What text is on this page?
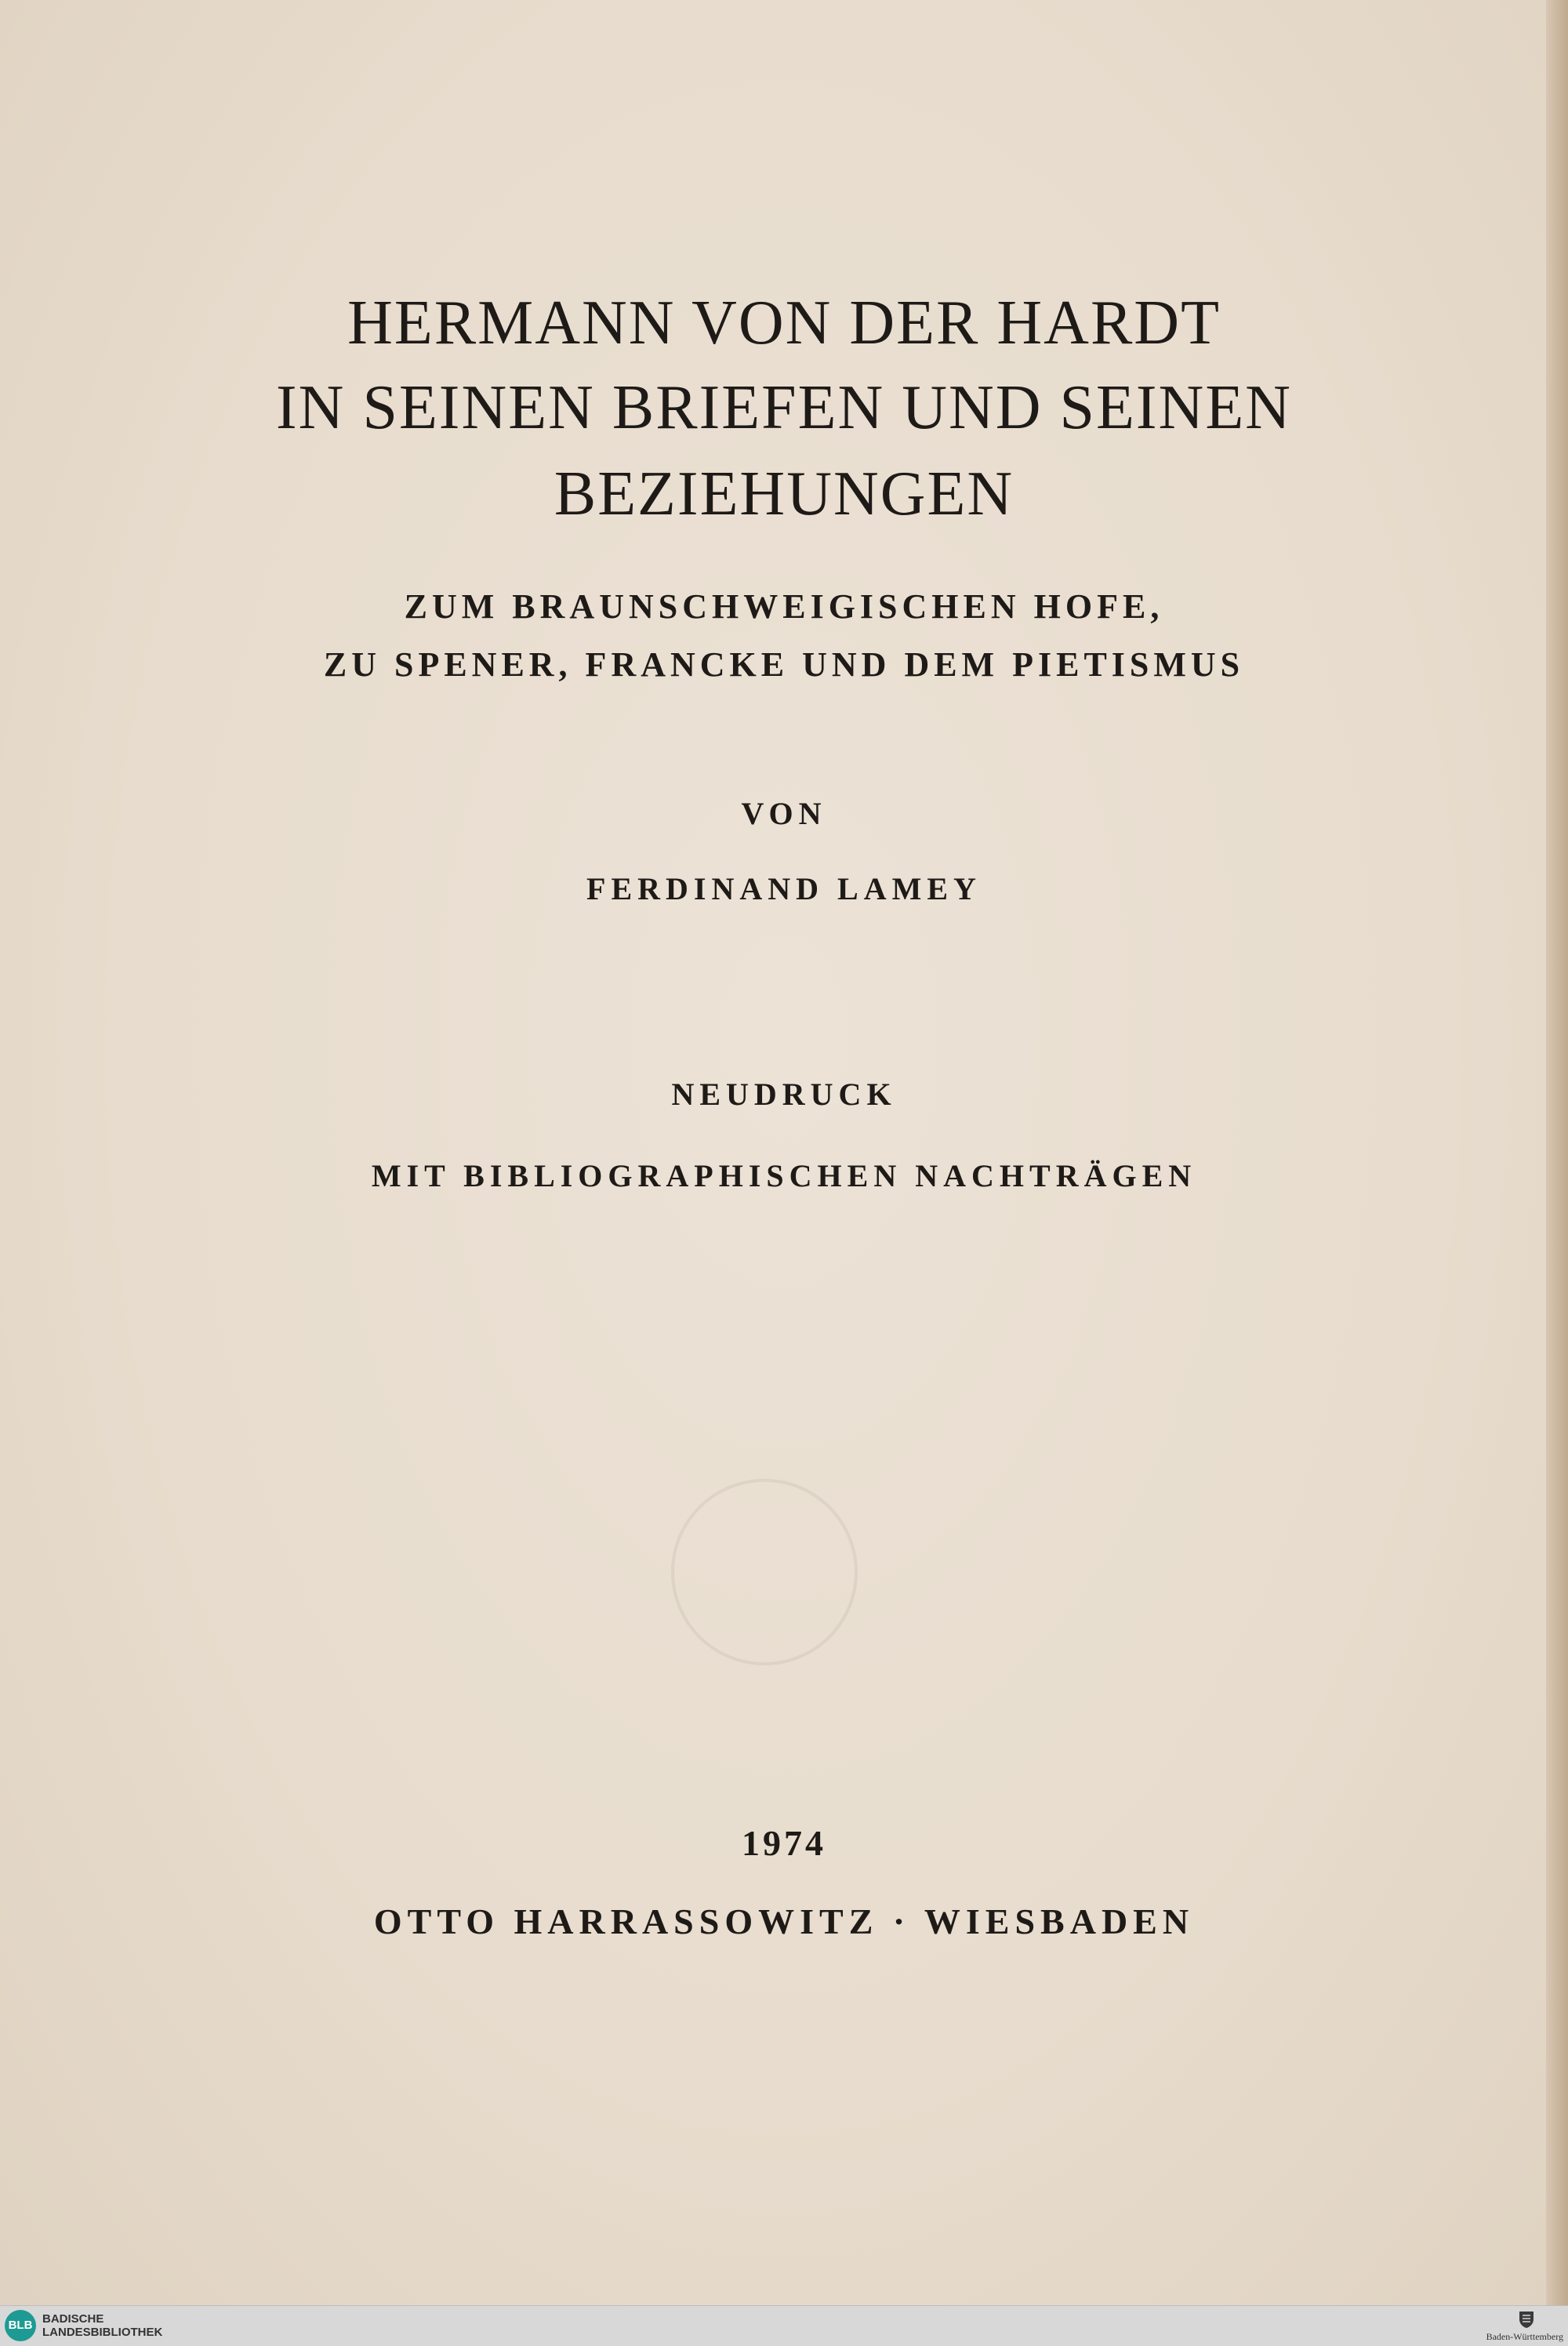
HERMANN VON DER HARDT
IN SEINEN BRIEFEN UND SEINEN
BEZIEHUNGEN
ZUM BRAUNSCHWEIGISCHEN HOFE,
ZU SPENER, FRANCKE UND DEM PIETISMUS
VON
FERDINAND LAMEY
NEUDRUCK
MIT BIBLIOGRAPHISCHEN NACHTRÄGEN
1974
OTTO HARRASSOWITZ · WIESBADEN
BLB BADISCHE
LANDESBIBLIOTHEK	Baden-Württemberg
